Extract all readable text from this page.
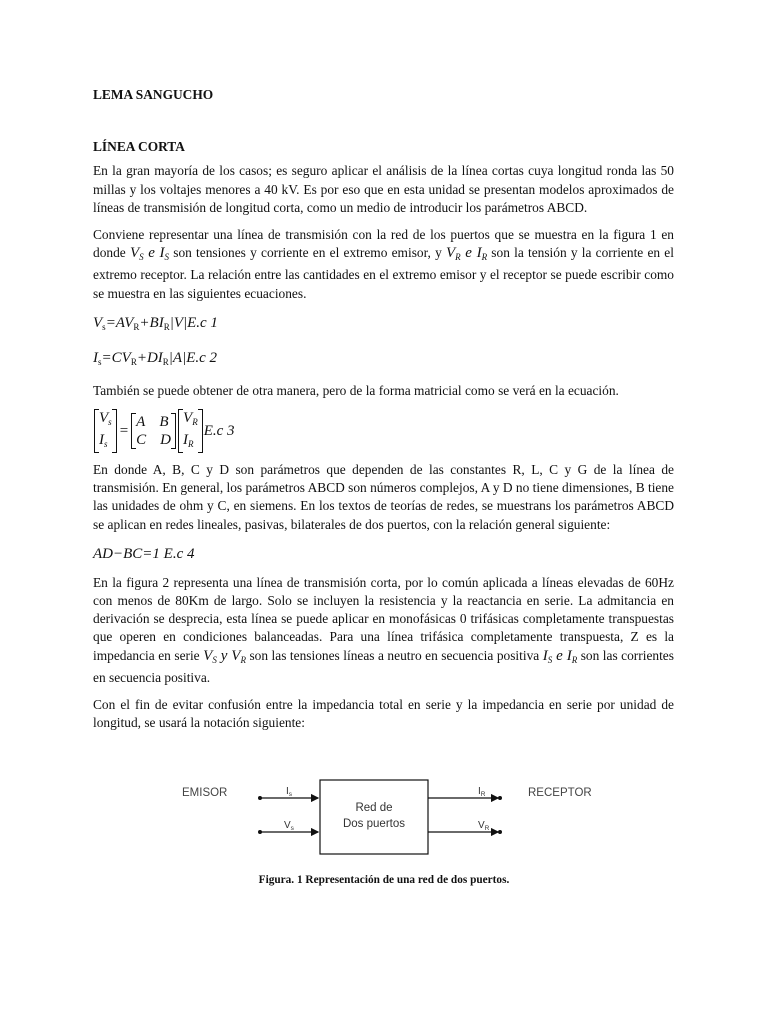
LEMA SANGUCHO

LÍNEA CORTA

En la gran mayoría de los casos; es seguro aplicar el análisis de la línea cortas cuya longitud ronda las 50 millas y los voltajes menores a 40 kV. Es por eso que en esta unidad se presentan modelos aproximados de líneas de transmisión de longitud corta, como un medio de introducir los parámetros ABCD.

Conviene representar una línea de transmisión con la red de los puertos que se muestra en la figura 1 en donde $V_S$ e $I_S$ son tensiones y corriente en el extremo emisor, y $V_R$ e $I_R$ son la tensión y la corriente en el extremo receptor. La relación entre las cantidades en el extremo emisor y el receptor se puede escribir como se muestra en las siguientes ecuaciones.

$V_s=AV_R+BI_R|V|E.c$ 1
$I_s=CV_R+DI_R|A|E.c$ 2

También se puede obtener de otra manera, pero de la forma matricial como se verá en la ecuación.

$V_s$
$I_s$
=
A B
C D
$V_R$
$I_R$
E.c 3

En donde A, B, C y D son parámetros que dependen de las constantes R, L, C y G de la línea de transmisión. En general, los parámetros ABCD son números complejos, A y D no tiene dimensiones, B tiene las unidades de ohm y C, en siemens. En los textos de teorías de redes, se muestrans los parámetros ABCD se aplican en redes lineales, pasivas, bilaterales de dos puertos, con la relación general siguiente:

AD−BC=1 E.c 4

En la figura 2 representa una línea de transmisión corta, por lo común aplicada a líneas elevadas de 60Hz con menos de 80Km de largo. Solo se incluyen la resistencia y la reactancia en serie. La admitancia en derivación se desprecia, esta línea se puede aplicar en monofásicas 0 trifásicas completamente transpuestas que operen en condiciones balanceadas. Para una línea trifásica completamente transpuesta, Z es la impedancia en serie $V_S$ y $V_R$ son las tensiones líneas a neutro en secuencia positiva $I_S$ e $I_R$ son las corrientes en secuencia positiva.

Con el fin de evitar confusión entre la impedancia total en serie y la impedancia en serie por unidad de longitud, se usará la notación siguiente:

EMISOR	RECEPTOR
Red de
Dos puertos
$I_s$
$V_s$
$I_R$
$V_R$
Figura. 1 Representación de una red de dos puertos.
